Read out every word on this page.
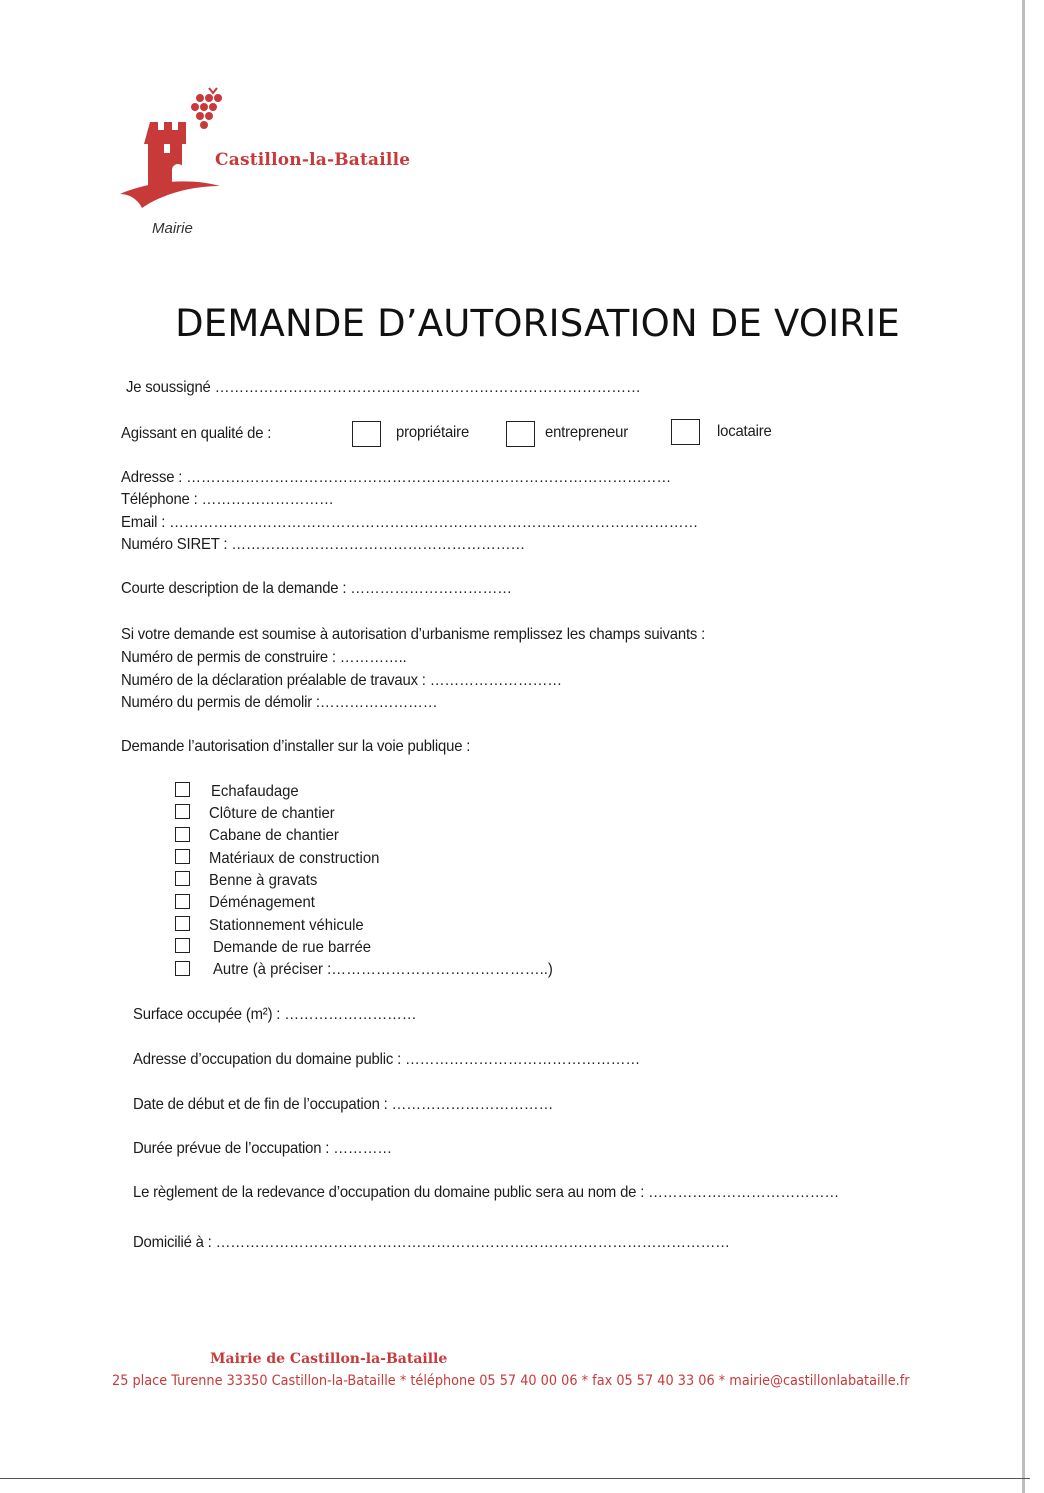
Castillon-la-Bataille
Mairie
DEMANDE D’AUTORISATION DE VOIRIE
Je soussigné ……………………………………………………………………………
Agissant en qualité de :	propriétaire	entrepreneur	locataire
Adresse : ………………………………………………………………………………………
Téléphone : ………………………
Email : ………………………………………………………………………………………………
Numéro SIRET : ……………………………………………………
Courte description de la demande : ……………………………
Si votre demande est soumise à autorisation d’urbanisme remplissez les champs suivants :
Numéro de permis de construire : …………..
Numéro de la déclaration préalable de travaux : ………………………
Numéro du permis de démolir :……………………
Demande l’autorisation d’installer sur la voie publique :
Echafaudage
Clôture de chantier
Cabane de chantier
Matériaux de construction
Benne à gravats
Déménagement
Stationnement véhicule
Demande de rue barrée
Autre (à préciser :……………………………………..)
Surface occupée (m²) : ………………………
Adresse d’occupation du domaine public : …………………………………………
Date de début et de fin de l’occupation : ……………………………
Durée prévue de l’occupation : …………
Le règlement de la redevance d’occupation du domaine public sera au nom de : …………………………………
Domicilié à : ……………………………………………………………………………………………
Mairie de Castillon-la-Bataille
25 place Turenne 33350 Castillon-la-Bataille * téléphone 05 57 40 00 06 * fax 05 57 40 33 06 * mairie@castillonlabataille.fr
